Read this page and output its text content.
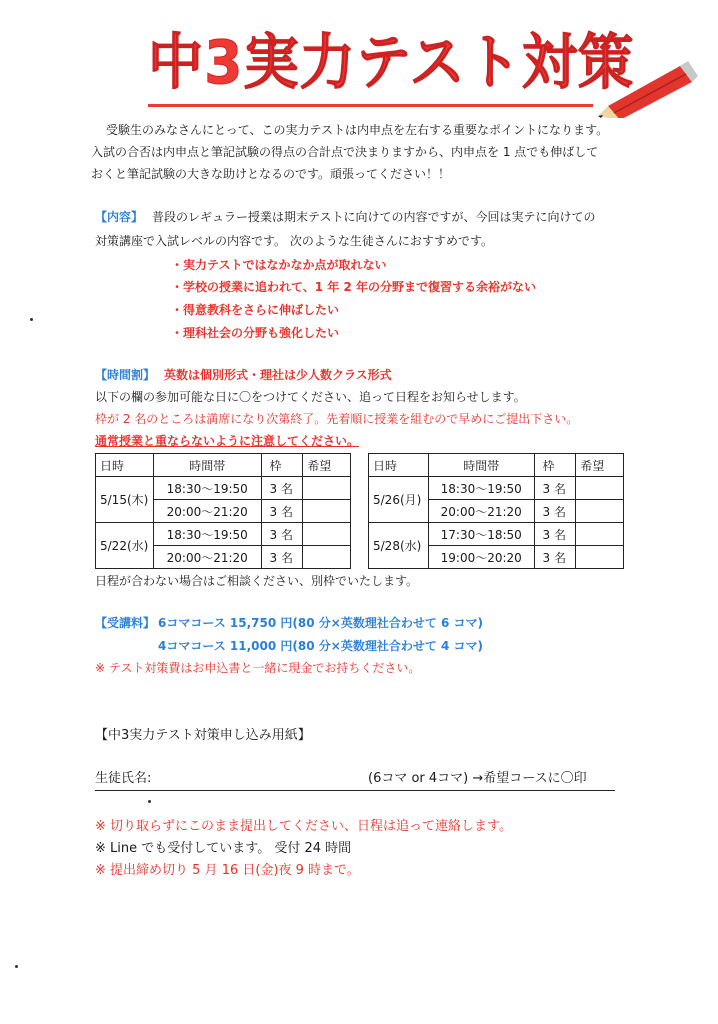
中3実力テスト対策
受験生のみなさんにとって、この実力テストは内申点を左右する重要なポイントになります。
入試の合否は内申点と筆記試験の得点の合計点で決まりますから、内申点を 1 点でも伸ばして
おくと筆記試験の大きな助けとなるのです。頑張ってください！！
【内容】 普段のレギュラー授業は期末テストに向けての内容ですが、今回は実テに向けての
対策講座で入試レベルの内容です。 次のような生徒さんにおすすめです。
・実力テストではなかなか点が取れない
・学校の授業に追われて、1 年 2 年の分野まで復習する余裕がない
・得意教科をさらに伸ばしたい
・理科社会の分野も強化したい
【時間割】 英数は個別形式・理社は少人数クラス形式
以下の欄の参加可能な日に〇をつけてください、追って日程をお知らせします。
枠が 2 名のところは満席になり次第終了。先着順に授業を組むので早めにご提出下さい。
通常授業と重ならないように注意してください。
日時	時間帯	枠	希望
5/15(木)	18:30〜19:50	3 名	
	20:00〜21:20	3 名	
5/22(水)	18:30〜19:50	3 名	
	20:00〜21:20	3 名	
日時	時間帯	枠	希望
5/26(月)	18:30〜19:50	3 名	
	20:00〜21:20	3 名	
5/28(水)	17:30〜18:50	3 名	
	19:00〜20:20	3 名	
日程が合わない場合はご相談ください、別枠でいたします。
【受講料】 6コマコース 15,750 円(80 分×英数理社合わせて 6 コマ)
4コマコース 11,000 円(80 分×英数理社合わせて 4 コマ)
※ テスト対策費はお申込書と一緒に現金でお持ちください。
【中3実力テスト対策申し込み用紙】
生徒氏名:	(6コマ or 4コマ) →希望コースに〇印
※ 切り取らずにこのまま提出してください、日程は追って連絡します。
※ Line でも受付しています。 受付 24 時間
※ 提出締め切り 5 月 16 日(金)夜 9 時まで。
